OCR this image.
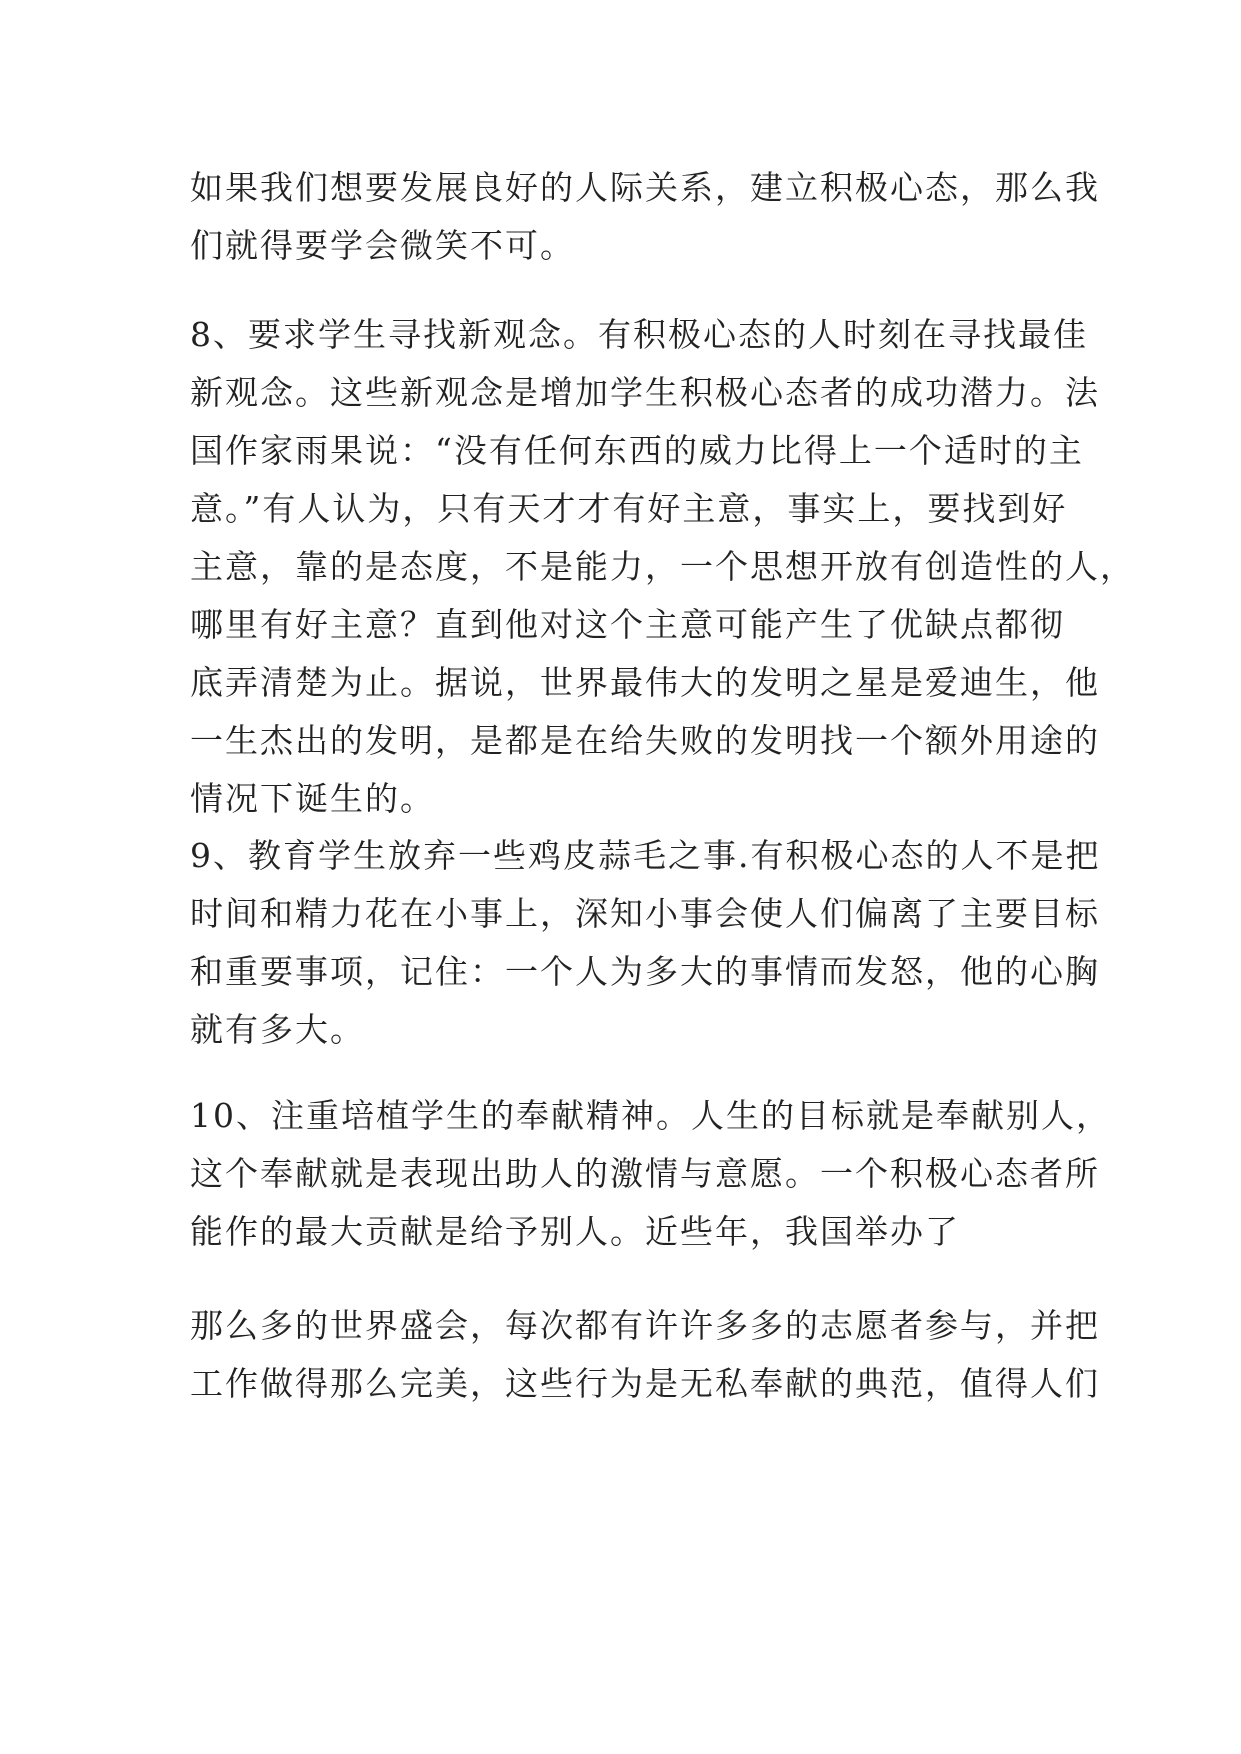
如果我们想要发展良好的人际关系，建立积极心态，那么我
们就得要学会微笑不可。

8、要求学生寻找新观念。有积极心态的人时刻在寻找最佳
新观念。这些新观念是增加学生积极心态者的成功潜力。法
国作家雨果说：“没有任何东西的威力比得上一个适时的主
意。”有人认为，只有天才才有好主意，事实上，要找到好
主意，靠的是态度，不是能力，一个思想开放有创造性的人，
哪里有好主意？直到他对这个主意可能产生了优缺点都彻
底弄清楚为止。据说，世界最伟大的发明之星是爱迪生，他
一生杰出的发明，是都是在给失败的发明找一个额外用途的
情况下诞生的。

9、教育学生放弃一些鸡皮蒜毛之事.有积极心态的人不是把
时间和精力花在小事上，深知小事会使人们偏离了主要目标
和重要事项，记住：一个人为多大的事情而发怒，他的心胸
就有多大。

10、注重培植学生的奉献精神。人生的目标就是奉献别人，
这个奉献就是表现出助人的激情与意愿。一个积极心态者所
能作的最大贡献是给予别人。近些年，我国举办了

那么多的世界盛会，每次都有许许多多的志愿者参与，并把
工作做得那么完美，这些行为是无私奉献的典范，值得人们
